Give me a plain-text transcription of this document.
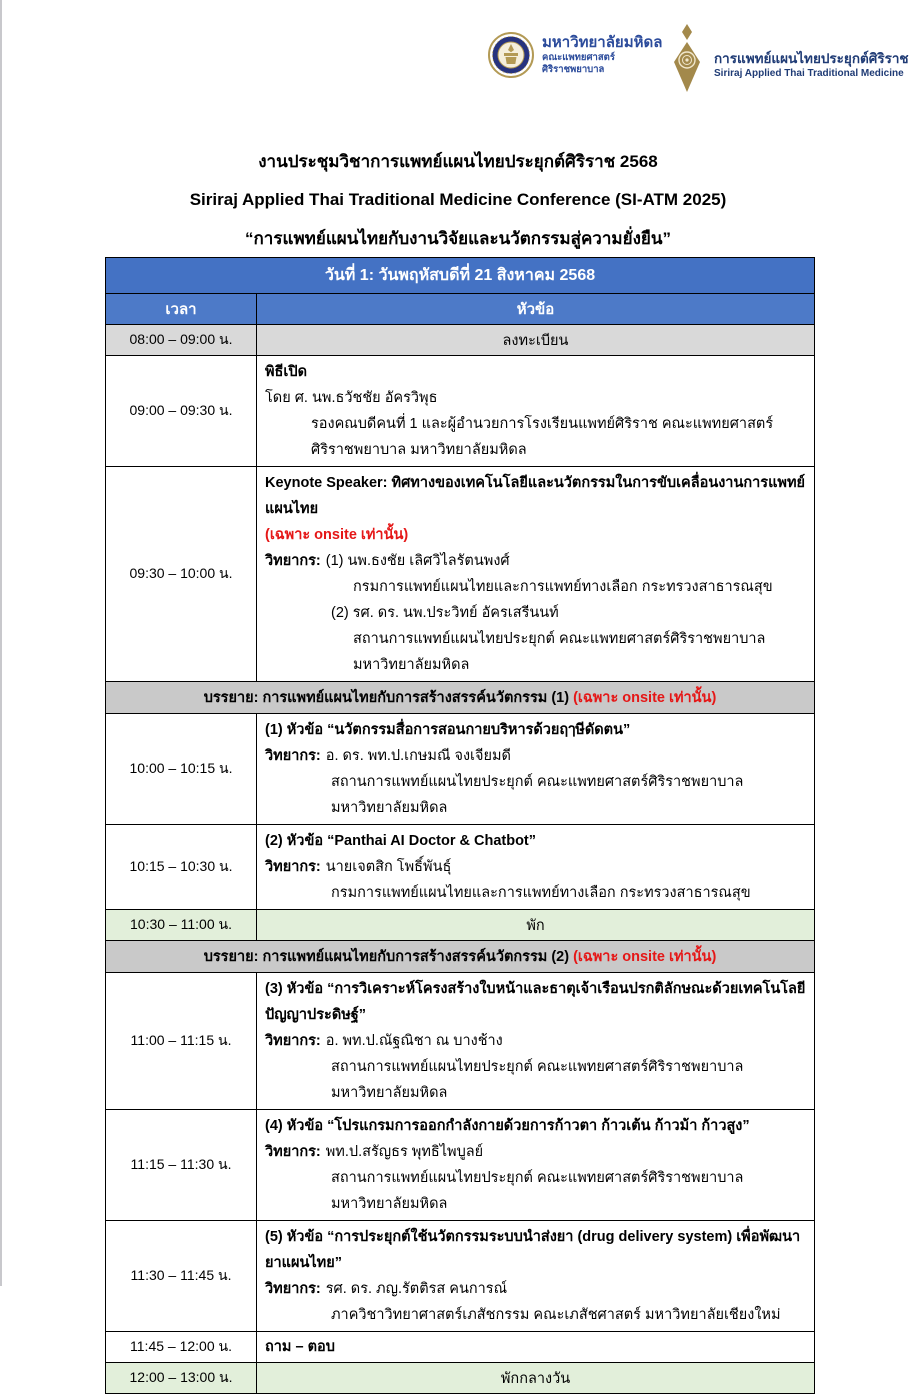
มหาวิทยาลัยมหิดล
คณะแพทยศาสตร์
ศิริราชพยาบาล
การแพทย์แผนไทยประยุกต์ศิริราช
Siriraj Applied Thai Traditional Medicine
งานประชุมวิชาการแพทย์แผนไทยประยุกต์ศิริราช 2568
Siriraj Applied Thai Traditional Medicine Conference (SI-ATM 2025)
“การแพทย์แผนไทยกับงานวิจัยและนวัตกรรมสู่ความยั่งยืน”
วันที่ 1: วันพฤหัสบดีที่ 21 สิงหาคม 2568	
เวลา	หัวข้อ
08:00 – 09:00 น.	ลงทะเบียน
09:00 – 09:30 น.	พิธีเปิด
โดย ศ. นพ.ธวัชชัย อัครวิพุธ
รองคณบดีคนที่ 1 และผู้อำนวยการโรงเรียนแพทย์ศิริราช คณะแพทยศาสตร์ศิริราชพยาบาล มหาวิทยาลัยมหิดล

09:30 – 10:00 น.	
Keynote Speaker: ทิศทางของเทคโนโลยีและนวัตกรรมในการขับเคลื่อนงานการแพทย์แผนไทย
(เฉพาะ onsite เท่านั้น)
วิทยากร: (1) นพ.ธงชัย เลิศวิไลรัตนพงศ์
กรมการแพทย์แผนไทยและการแพทย์ทางเลือก กระทรวงสาธารณสุข
(2) รศ. ดร. นพ.ประวิทย์ อัครเสรีนนท์
สถานการแพทย์แผนไทยประยุกต์ คณะแพทยศาสตร์ศิริราชพยาบาล มหาวิทยาลัยมหิดล

บรรยาย: การแพทย์แผนไทยกับการสร้างสรรค์นวัตกรรม (1) (เฉพาะ onsite เท่านั้น)	
10:00 – 10:15 น.	(1) หัวข้อ “นวัตกรรมสื่อการสอนกายบริหารด้วยฤๅษีดัดตน”
วิทยากร: อ. ดร. พท.ป.เกษมณี จงเจียมดี
สถานการแพทย์แผนไทยประยุกต์ คณะแพทยศาสตร์ศิริราชพยาบาล มหาวิทยาลัยมหิดล

10:15 – 10:30 น.	(2) หัวข้อ “Panthai AI Doctor & Chatbot”
วิทยากร: นายเจตสิก โพธิ์พันธุ์
กรมการแพทย์แผนไทยและการแพทย์ทางเลือก กระทรวงสาธารณสุข

10:30 – 11:00 น.	พัก
บรรยาย: การแพทย์แผนไทยกับการสร้างสรรค์นวัตกรรม (2) (เฉพาะ onsite เท่านั้น)	
11:00 – 11:15 น.	(3) หัวข้อ “การวิเคราะห์โครงสร้างใบหน้าและธาตุเจ้าเรือนปรกติลักษณะด้วยเทคโนโลยีปัญญาประดิษฐ์”
วิทยากร: อ. พท.ป.ณัฐณิชา ณ บางช้าง
สถานการแพทย์แผนไทยประยุกต์ คณะแพทยศาสตร์ศิริราชพยาบาล มหาวิทยาลัยมหิดล

11:15 – 11:30 น.	(4) หัวข้อ “โปรแกรมการออกกำลังกายด้วยการก้าวตา ก้าวเต้น ก้าวม้า ก้าวสูง”
วิทยากร: พท.ป.สรัญธร พุทธิไพบูลย์
สถานการแพทย์แผนไทยประยุกต์ คณะแพทยศาสตร์ศิริราชพยาบาล มหาวิทยาลัยมหิดล

11:30 – 11:45 น.	(5) หัวข้อ “การประยุกต์ใช้นวัตกรรมระบบนำส่งยา (drug delivery system) เพื่อพัฒนายาแผนไทย”
วิทยากร: รศ. ดร. ภญ.รัตติรส คนการณ์
ภาควิชาวิทยาศาสตร์เภสัชกรรม คณะเภสัชศาสตร์ มหาวิทยาลัยเชียงใหม่

11:45 – 12:00 น.	ถาม – ตอบ
12:00 – 13:00 น.	พักกลางวัน
